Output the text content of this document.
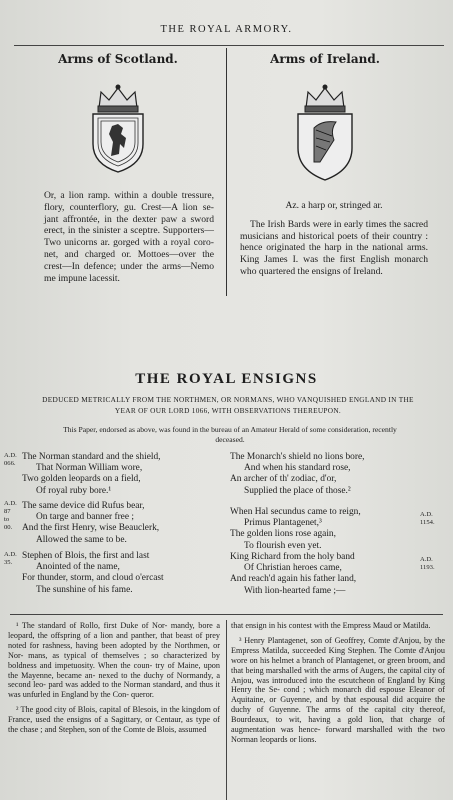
THE ROYAL ARMORY.
Arms of Scotland.

Or, a lion ramp. within a double tressure, flory, counterflory, gu. Crest—A lion se- jant affrontée, in the dexter paw a sword erect, in the sinister a sceptre. Supporters— Two unicorns ar. gorged with a royal coro- net, and charged or. Mottoes—over the crest—In defence; under the arms—Nemo me impune lacessit.

Arms of Ireland.

Az. a harp or, stringed ar.

The Irish Bards were in early times the sacred musicians and historical poets of their country : hence originated the harp in the national arms. King James I. was the first English monarch who quartered the ensigns of Ireland.

THE ROYAL ENSIGNS
DEDUCED METRICALLY FROM THE NORTHMEN, OR NORMANS, WHO VANQUISHED ENGLAND IN THE YEAR OF OUR LORD 1066, WITH OBSERVATIONS THEREUPON.
This Paper, endorsed as above, was found in the bureau of an Amateur Herald of some consideration, recently deceased.
A.D.
066.
The Norman standard and the shield,
That Norman William wore,
Two golden leopards on a field,
Of royal ruby bore.¹
A.D.
87
to
00.
The same device did Rufus bear,
On targe and banner free ;
And the first Henry, wise Beauclerk,
Allowed the same to be.
A.D.
35.
Stephen of Blois, the first and last
Anointed of the name,
For thunder, storm, and cloud o'ercast
The sunshine of his fame.
The Monarch's shield no lions bore,
And when his standard rose,
An archer of th' zodiac, d'or,
Supplied the place of those.²
When Hal secundus came to reign,
Primus Plantagenet,³
The golden lions rose again,
To flourish even yet.
A.D.
1154.
King Richard from the holy band
Of Christian heroes came,
And reach'd again his father land,
With lion-hearted fame ;—
A.D.
1193.

¹ The standard of Rollo, first Duke of Nor- mandy, bore a leopard, the offspring of a lion and panther, that beast of prey noted for rashness, having been adopted by the Northmen, or Nor- mans, as typical of themselves ; so characterized by boldness and impetuosity. When the coun- try of Maine, upon the Mayenne, became an- nexed to the duchy of Normandy, a second leo- pard was added to the Norman standard, and thus it was unfurled in England by the Con- queror.

² The good city of Blois, capital of Blesois, in the kingdom of France, used the ensigns of a Sagittary, or Centaur, as type of the chase ; and Stephen, son of the Comte de Blois, assumed

that ensign in his contest with the Empress Maud or Matilda.

³ Henry Plantagenet, son of Geoffrey, Comte d'Anjou, by the Empress Matilda, succeeded King Stephen. The Comte d'Anjou wore on his helmet a branch of Plantagenet, or green broom, and that being marshalled with the arms of Augers, the capital city of Anjou, was introduced into the escutcheon of England by King Henry the Se- cond ; which monarch did espouse Eleanor of Aquitaine, or Guyenne, and by that espousal did acquire the duchy of Guyenne. The arms of the capital city thereof, Bourdeaux, to wit, having a gold lion, that charge of augmentation was hence- forward marshalled with the two Norman leopards or lions.
